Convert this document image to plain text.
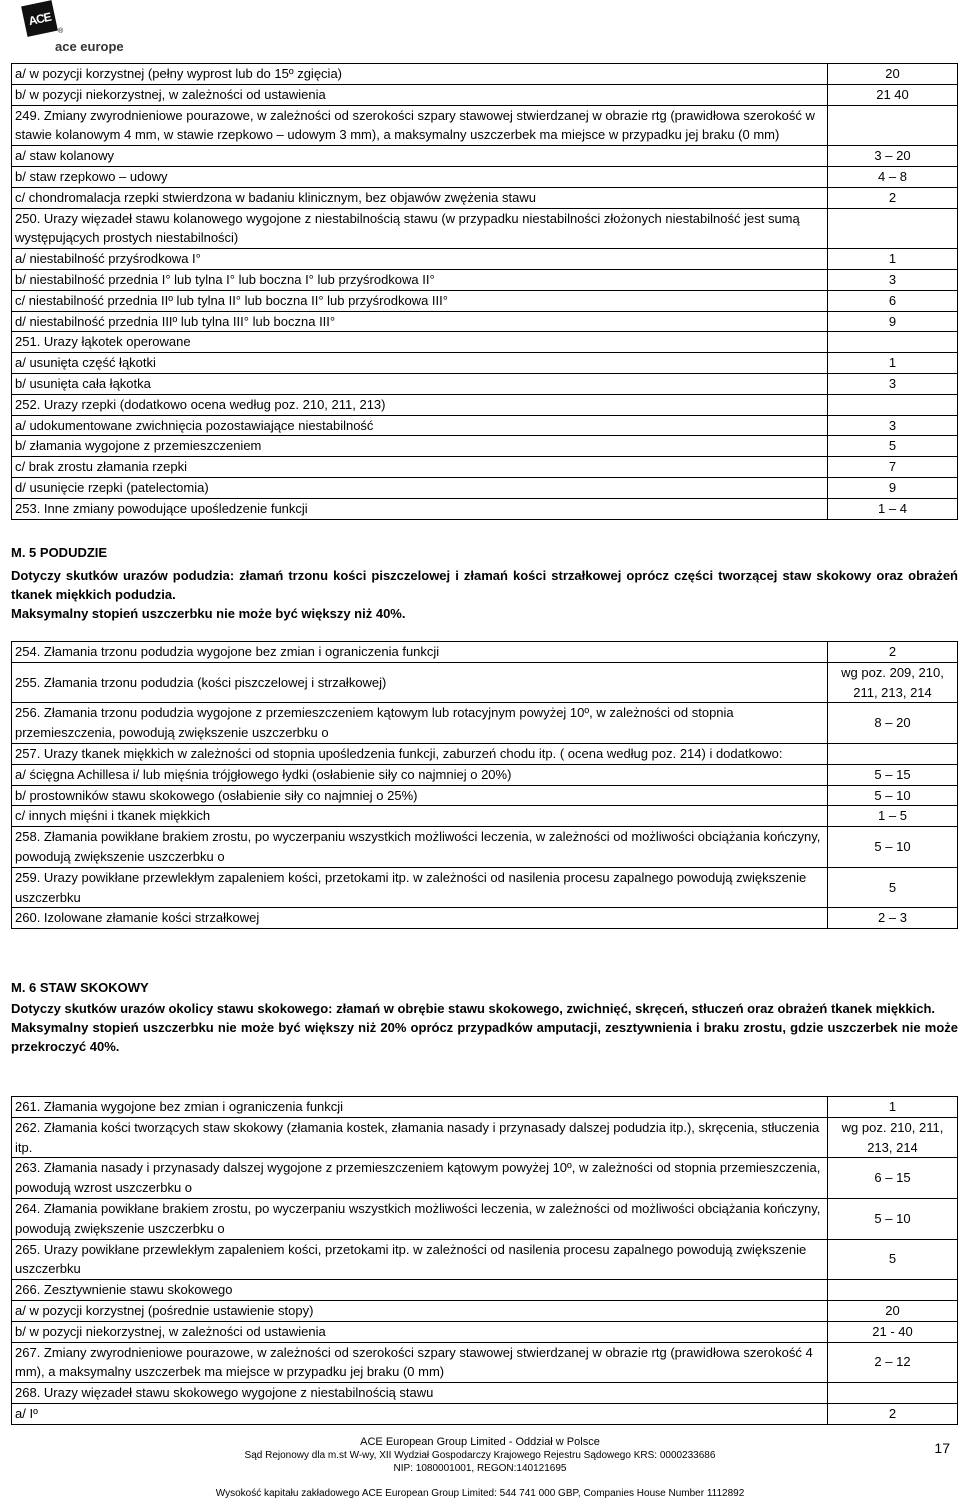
ACE
®
ace europe
a/ w pozycji korzystnej (pełny wyprost lub do 15º zgięcia)	20
b/ w pozycji niekorzystnej, w zależności od ustawienia	21 40
249. Zmiany zwyrodnieniowe pourazowe, w zależności od szerokości szpary stawowej stwierdzanej w obrazie rtg (prawidłowa szerokość w stawie kolanowym 4 mm, w stawie rzepkowo – udowym 3 mm), a maksymalny uszczerbek ma miejsce w przypadku jej braku (0 mm)	
a/ staw kolanowy	3 – 20
b/ staw rzepkowo – udowy	4 – 8
c/ chondromalacja rzepki stwierdzona w badaniu klinicznym, bez objawów zwężenia stawu	2
250. Urazy więzadeł stawu kolanowego wygojone z niestabilnością stawu (w przypadku niestabilności złożonych niestabilność jest sumą występujących prostych niestabilności)	
a/ niestabilność przyśrodkowa I°	1
b/ niestabilność przednia I° lub tylna I° lub boczna I° lub przyśrodkowa II°	3
c/ niestabilność przednia IIº lub tylna II° lub boczna II° lub przyśrodkowa III°	6
d/ niestabilność przednia IIIº lub tylna III° lub boczna III°	9
251. Urazy łąkotek operowane	
a/ usunięta część łąkotki	1
b/ usunięta cała łąkotka	3
252. Urazy rzepki (dodatkowo ocena według poz. 210, 211, 213)	
a/ udokumentowane zwichnięcia pozostawiające niestabilność	3
b/ złamania wygojone z przemieszczeniem	5
c/ brak zrostu złamania rzepki	7
d/ usunięcie rzepki (patelectomia)	9
253. Inne zmiany powodujące upośledzenie funkcji	1 – 4
M. 5 PODUDZIE

Dotyczy skutków urazów podudzia: złamań trzonu kości piszczelowej i złamań kości strzałkowej oprócz części tworzącej staw skokowy oraz obrażeń tkanek miękkich podudzia.

Maksymalny stopień uszczerbku nie może być większy niż 40%.

254. Złamania trzonu podudzia wygojone bez zmian i ograniczenia funkcji	2
255. Złamania trzonu podudzia (kości piszczelowej i strzałkowej)	wg poz. 209, 210, 211, 213, 214
256. Złamania trzonu podudzia wygojone z przemieszczeniem kątowym lub rotacyjnym powyżej 10º, w zależności od stopnia przemieszczenia, powodują zwiększenie uszczerbku o	8 – 20
257. Urazy tkanek miękkich w zależności od stopnia upośledzenia funkcji, zaburzeń chodu itp. ( ocena według poz. 214) i dodatkowo:	
a/ ścięgna Achillesa i/ lub mięśnia trójgłowego łydki (osłabienie siły co najmniej o 20%)	5 – 15
b/ prostowników stawu skokowego (osłabienie siły co najmniej o 25%)	5 – 10
c/ innych mięśni i tkanek miękkich	1 – 5
258. Złamania powikłane brakiem zrostu, po wyczerpaniu wszystkich możliwości leczenia, w zależności od możliwości obciążania kończyny, powodują zwiększenie uszczerbku o	5 – 10
259. Urazy powikłane przewlekłym zapaleniem kości, przetokami itp. w zależności od nasilenia procesu zapalnego powodują zwiększenie uszczerbku	5
260. Izolowane złamanie kości strzałkowej	2 – 3
M. 6 STAW SKOKOWY

Dotyczy skutków urazów okolicy stawu skokowego: złamań w obrębie stawu skokowego, zwichnięć, skręceń, stłuczeń oraz obrażeń tkanek miękkich.

Maksymalny stopień uszczerbku nie może być większy niż 20% oprócz przypadków amputacji, zesztywnienia i braku zrostu, gdzie uszczerbek nie może przekroczyć 40%.

261. Złamania wygojone bez zmian i ograniczenia funkcji	1
262. Złamania kości tworzących staw skokowy (złamania kostek, złamania nasady i przynasady dalszej podudzia itp.), skręcenia, stłuczenia itp.	wg poz. 210, 211, 213, 214
263. Złamania nasady i przynasady dalszej wygojone z przemieszczeniem kątowym powyżej 10º, w zależności od stopnia przemieszczenia, powodują wzrost uszczerbku o	6 – 15
264. Złamania powikłane brakiem zrostu, po wyczerpaniu wszystkich możliwości leczenia, w zależności od możliwości obciążania kończyny, powodują zwiększenie uszczerbku o	5 – 10
265. Urazy powikłane przewlekłym zapaleniem kości, przetokami itp. w zależności od nasilenia procesu zapalnego powodują zwiększenie uszczerbku	5
266. Zesztywnienie stawu skokowego	
a/ w pozycji korzystnej (pośrednie ustawienie stopy)	20
b/ w pozycji niekorzystnej, w zależności od ustawienia	21 - 40
267. Zmiany zwyrodnieniowe pourazowe, w zależności od szerokości szpary stawowej stwierdzanej w obrazie rtg (prawidłowa szerokość 4 mm), a maksymalny uszczerbek ma miejsce w przypadku jej braku (0 mm)	2 – 12
268. Urazy więzadeł stawu skokowego wygojone z niestabilnością stawu	
a/ Iº	2
ACE European Group Limited - Oddział w Polsce
Sąd Rejonowy dla m.st W-wy, XII Wydział Gospodarczy Krajowego Rejestru Sądowego KRS: 0000233686
NIP: 1080001001, REGON:140121695
Wysokość kapitału zakładowego ACE European Group Limited: 544 741 000 GBP, Companies House Number 1112892
17
